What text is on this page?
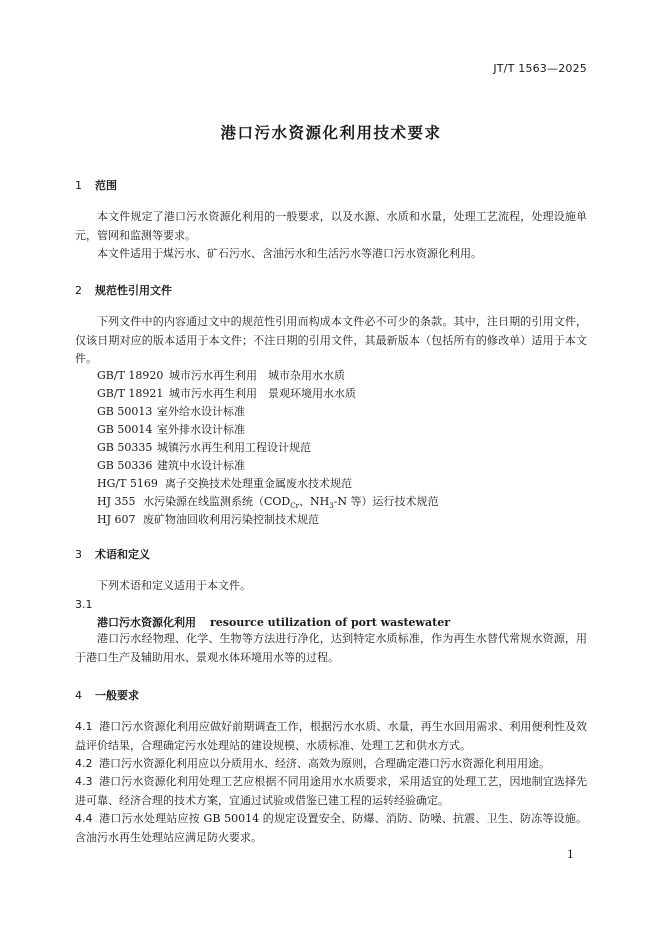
JT/T 1563—2025
港口污水资源化利用技术要求
1 范围
本文件规定了港口污水资源化利用的一般要求，以及水源、水质和水量，处理工艺流程，处理设施单元，管网和监测等要求。
本文件适用于煤污水、矿石污水、含油污水和生活污水等港口污水资源化利用。
2 规范性引用文件
下列文件中的内容通过文中的规范性引用而构成本文件必不可少的条款。其中，注日期的引用文件，仅该日期对应的版本适用于本文件；不注日期的引用文件，其最新版本（包括所有的修改单）适用于本文件。
GB/T 18920 城市污水再生利用　城市杂用水水质
GB/T 18921 城市污水再生利用　景观环境用水水质
GB 50013 室外给水设计标准
GB 50014 室外排水设计标准
GB 50335 城镇污水再生利用工程设计规范
GB 50336 建筑中水设计标准
HG/T 5169 离子交换技术处理重金属废水技术规范
HJ 355 水污染源在线监测系统（$COD_{Cr}$、$NH_3-N$ 等）运行技术规范
HJ 607 废矿物油回收利用污染控制技术规范
3 术语和定义
下列术语和定义适用于本文件。
3.1
港口污水资源化利用 resource utilization of port wastewater
港口污水经物理、化学、生物等方法进行净化，达到特定水质标准，作为再生水替代常规水资源，用于港口生产及辅助用水、景观水体环境用水等的过程。
4 一般要求
4.1 港口污水资源化利用应做好前期调查工作，根据污水水质、水量，再生水回用需求、利用便利性及效益评价结果，合理确定污水处理站的建设规模、水质标准、处理工艺和供水方式。
4.2 港口污水资源化利用应以分质用水、经济、高效为原则，合理确定港口污水资源化利用用途。
4.3 港口污水资源化利用处理工艺应根据不同用途用水水质要求，采用适宜的处理工艺，因地制宜选择先进可靠、经济合理的技术方案，宜通过试验或借鉴已建工程的运转经验确定。
4.4 港口污水处理站应按 GB 50014 的规定设置安全、防爆、消防、防噪、抗震、卫生、防冻等设施。含油污水再生处理站应满足防火要求。
1
